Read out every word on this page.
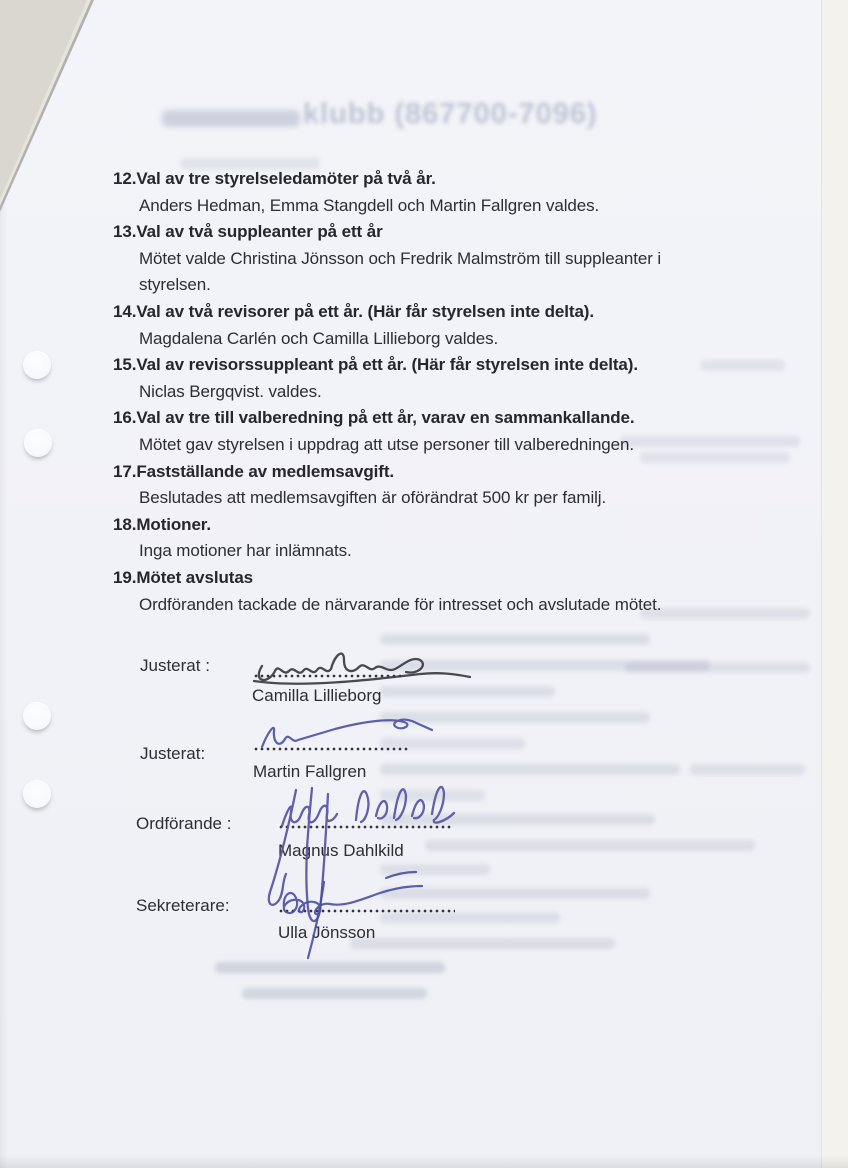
klubb (867700-7096)
12.Val av tre styrelseledamöter på två år.
Anders Hedman, Emma Stangdell och Martin Fallgren valdes.
13.Val av två suppleanter på ett år
Mötet valde Christina Jönsson och Fredrik Malmström till suppleanter i
styrelsen.
14.Val av två revisorer på ett år. (Här får styrelsen inte delta).
Magdalena Carlén och Camilla Lillieborg valdes.
15.Val av revisorssuppleant på ett år. (Här får styrelsen inte delta).
Niclas Bergqvist. valdes.
16.Val av tre till valberedning på ett år, varav en sammankallande.
Mötet gav styrelsen i uppdrag att utse personer till valberedningen.
17.Fastställande av medlemsavgift.
Beslutades att medlemsavgiften är oförändrat 500 kr per familj.
18.Motioner.
Inga motioner har inlämnats.
19.Mötet avslutas
Ordföranden tackade de närvarande för intresset och avslutade mötet.
Justerat :
Camilla Lillieborg
Justerat:
Martin Fallgren
Ordförande :
Magnus Dahlkild
Sekreterare:
Ulla Jönsson
